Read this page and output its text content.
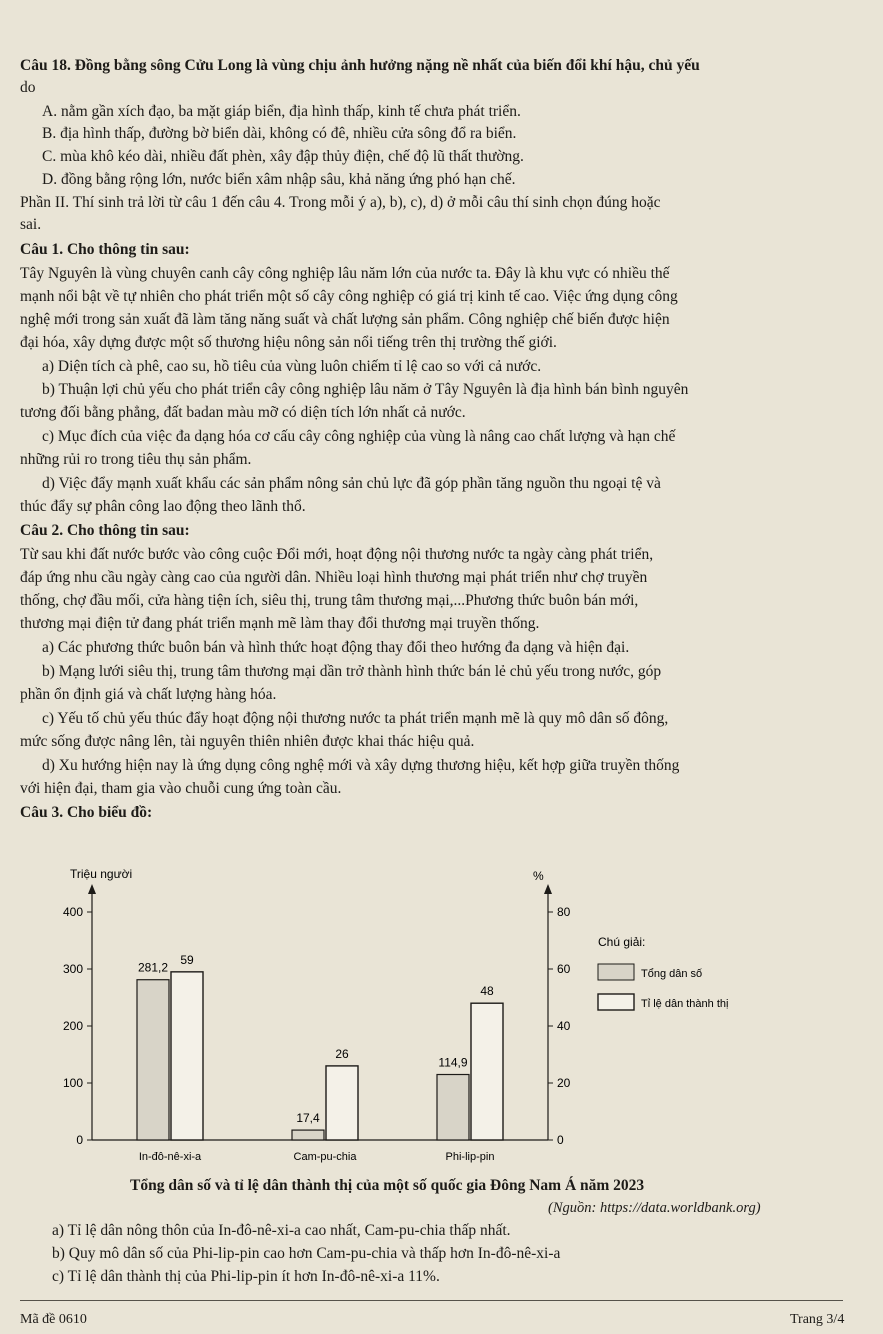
Câu 18. Đồng bằng sông Cửu Long là vùng chịu ảnh hưởng nặng nề nhất của biến đổi khí hậu, chủ yếu
do
A. nằm gần xích đạo, ba mặt giáp biển, địa hình thấp, kinh tế chưa phát triển.
B. địa hình thấp, đường bờ biển dài, không có đê, nhiều cửa sông đổ ra biển.
C. mùa khô kéo dài, nhiều đất phèn, xây đập thủy điện, chế độ lũ thất thường.
D. đồng bằng rộng lớn, nước biển xâm nhập sâu, khả năng ứng phó hạn chế.
Phần II. Thí sinh trả lời từ câu 1 đến câu 4. Trong mỗi ý a), b), c), d) ở mỗi câu thí sinh chọn đúng hoặc
sai.
Câu 1. Cho thông tin sau:
Tây Nguyên là vùng chuyên canh cây công nghiệp lâu năm lớn của nước ta. Đây là khu vực có nhiều thế
mạnh nổi bật về tự nhiên cho phát triển một số cây công nghiệp có giá trị kinh tế cao. Việc ứng dụng công
nghệ mới trong sản xuất đã làm tăng năng suất và chất lượng sản phẩm. Công nghiệp chế biến được hiện
đại hóa, xây dựng được một số thương hiệu nông sản nổi tiếng trên thị trường thế giới.
a) Diện tích cà phê, cao su, hồ tiêu của vùng luôn chiếm tỉ lệ cao so với cả nước.
b) Thuận lợi chủ yếu cho phát triển cây công nghiệp lâu năm ở Tây Nguyên là địa hình bán bình nguyên
tương đối bằng phẳng, đất badan màu mỡ có diện tích lớn nhất cả nước.
c) Mục đích của việc đa dạng hóa cơ cấu cây công nghiệp của vùng là nâng cao chất lượng và hạn chế
những rủi ro trong tiêu thụ sản phẩm.
d) Việc đẩy mạnh xuất khẩu các sản phẩm nông sản chủ lực đã góp phần tăng nguồn thu ngoại tệ và
thúc đẩy sự phân công lao động theo lãnh thổ.
Câu 2. Cho thông tin sau:
Từ sau khi đất nước bước vào công cuộc Đổi mới, hoạt động nội thương nước ta ngày càng phát triển,
đáp ứng nhu cầu ngày càng cao của người dân. Nhiều loại hình thương mại phát triển như chợ truyền
thống, chợ đầu mối, cửa hàng tiện ích, siêu thị, trung tâm thương mại,...Phương thức buôn bán mới,
thương mại điện tử đang phát triển mạnh mẽ làm thay đổi thương mại truyền thống.
a) Các phương thức buôn bán và hình thức hoạt động thay đổi theo hướng đa dạng và hiện đại.
b) Mạng lưới siêu thị, trung tâm thương mại dần trở thành hình thức bán lẻ chủ yếu trong nước, góp
phần ổn định giá và chất lượng hàng hóa.
c) Yếu tố chủ yếu thúc đẩy hoạt động nội thương nước ta phát triển mạnh mẽ là quy mô dân số đông,
mức sống được nâng lên, tài nguyên thiên nhiên được khai thác hiệu quả.
d) Xu hướng hiện nay là ứng dụng công nghệ mới và xây dựng thương hiệu, kết hợp giữa truyền thống
với hiện đại, tham gia vào chuỗi cung ứng toàn cầu.
Câu 3. Cho biểu đồ:
Triệu người	%
0
100
200
300
400
0
20
40
60
80
281,2
59
17,4
26
114,9
48
In-đô-nê-xi-a	Cam-pu-chia	Phi-lip-pin
Chú giải:
Tổng dân số
Tỉ lệ dân thành thị
Tổng dân số và tỉ lệ dân thành thị của một số quốc gia Đông Nam Á năm 2023
(Nguồn: https://data.worldbank.org)
a) Tỉ lệ dân nông thôn của In-đô-nê-xi-a cao nhất, Cam-pu-chia thấp nhất.
b) Quy mô dân số của Phi-lip-pin cao hơn Cam-pu-chia và thấp hơn In-đô-nê-xi-a
c) Tỉ lệ dân thành thị của Phi-lip-pin ít hơn In-đô-nê-xi-a 11%.
Mã đề 0610	Trang 3/4
